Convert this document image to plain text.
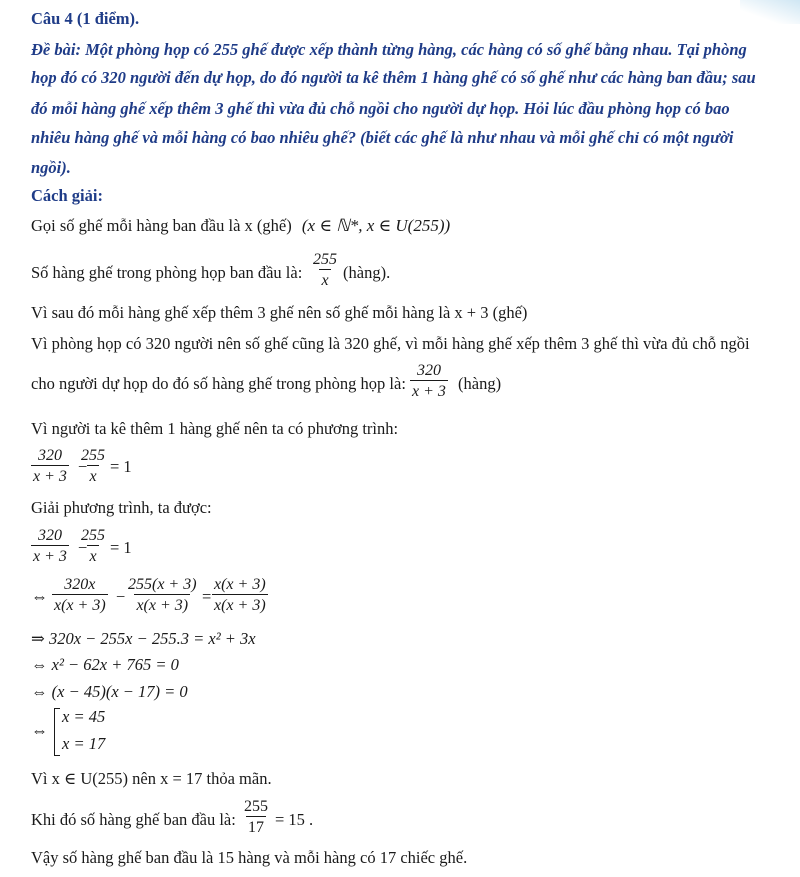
Câu 4 (1 điểm).
Đề bài: Một phòng họp có 255 ghế được xếp thành từng hàng, các hàng có số ghế bằng nhau. Tại phòng
họp đó có 320 người đến dự họp, do đó người ta kê thêm 1 hàng ghế có số ghế như các hàng ban đầu; sau
đó mỗi hàng ghế xếp thêm 3 ghế thì vừa đủ chỗ ngồi cho người dự họp. Hỏi lúc đầu phòng họp có bao
nhiêu hàng ghế và mỗi hàng có bao nhiêu ghế? (biết các ghế là như nhau và mỗi ghế chỉ có một người
ngồi).
Cách giải:
Gọi số ghế mỗi hàng ban đầu là x (ghế) (x ∈ ℕ*, x ∈ U(255))
Số hàng ghế trong phòng họp ban đầu là: $\frac{255}{x}$ (hàng).
Vì sau đó mỗi hàng ghế xếp thêm 3 ghế nên số ghế mỗi hàng là x + 3 (ghế)
Vì phòng họp có 320 người nên số ghế cũng là 320 ghế, vì mỗi hàng ghế xếp thêm 3 ghế thì vừa đủ chỗ ngồi
cho người dự họp do đó số hàng ghế trong phòng họp là: $\frac{320}{x + 3}$ (hàng)
Vì người ta kê thêm 1 hàng ghế nên ta có phương trình:
$\frac{320}{x + 3}$ −
$\frac{255}{x} = 1$
Giải phương trình, ta được:
$\frac{320}{x + 3}$ −
$\frac{255}{x} = 1$
⇔ $\frac{320x}{x(x + 3)} - \frac{255(x + 3)}{x(x + 3)} = \frac{x(x + 3)}{x(x + 3)}$
⇒ 320x − 255x − 255.3 = x² + 3x
⇔ x² − 62x + 765 = 0
⇔ (x − 45)(x − 17) = 0
⇔
x = 45
x = 17
Vì x ∈ U(255) nên x = 17 thỏa mãn.
Khi đó số hàng ghế ban đầu là: $\frac{255}{17} = 15$ .
Vậy số hàng ghế ban đầu là 15 hàng và mỗi hàng có 17 chiếc ghế.
